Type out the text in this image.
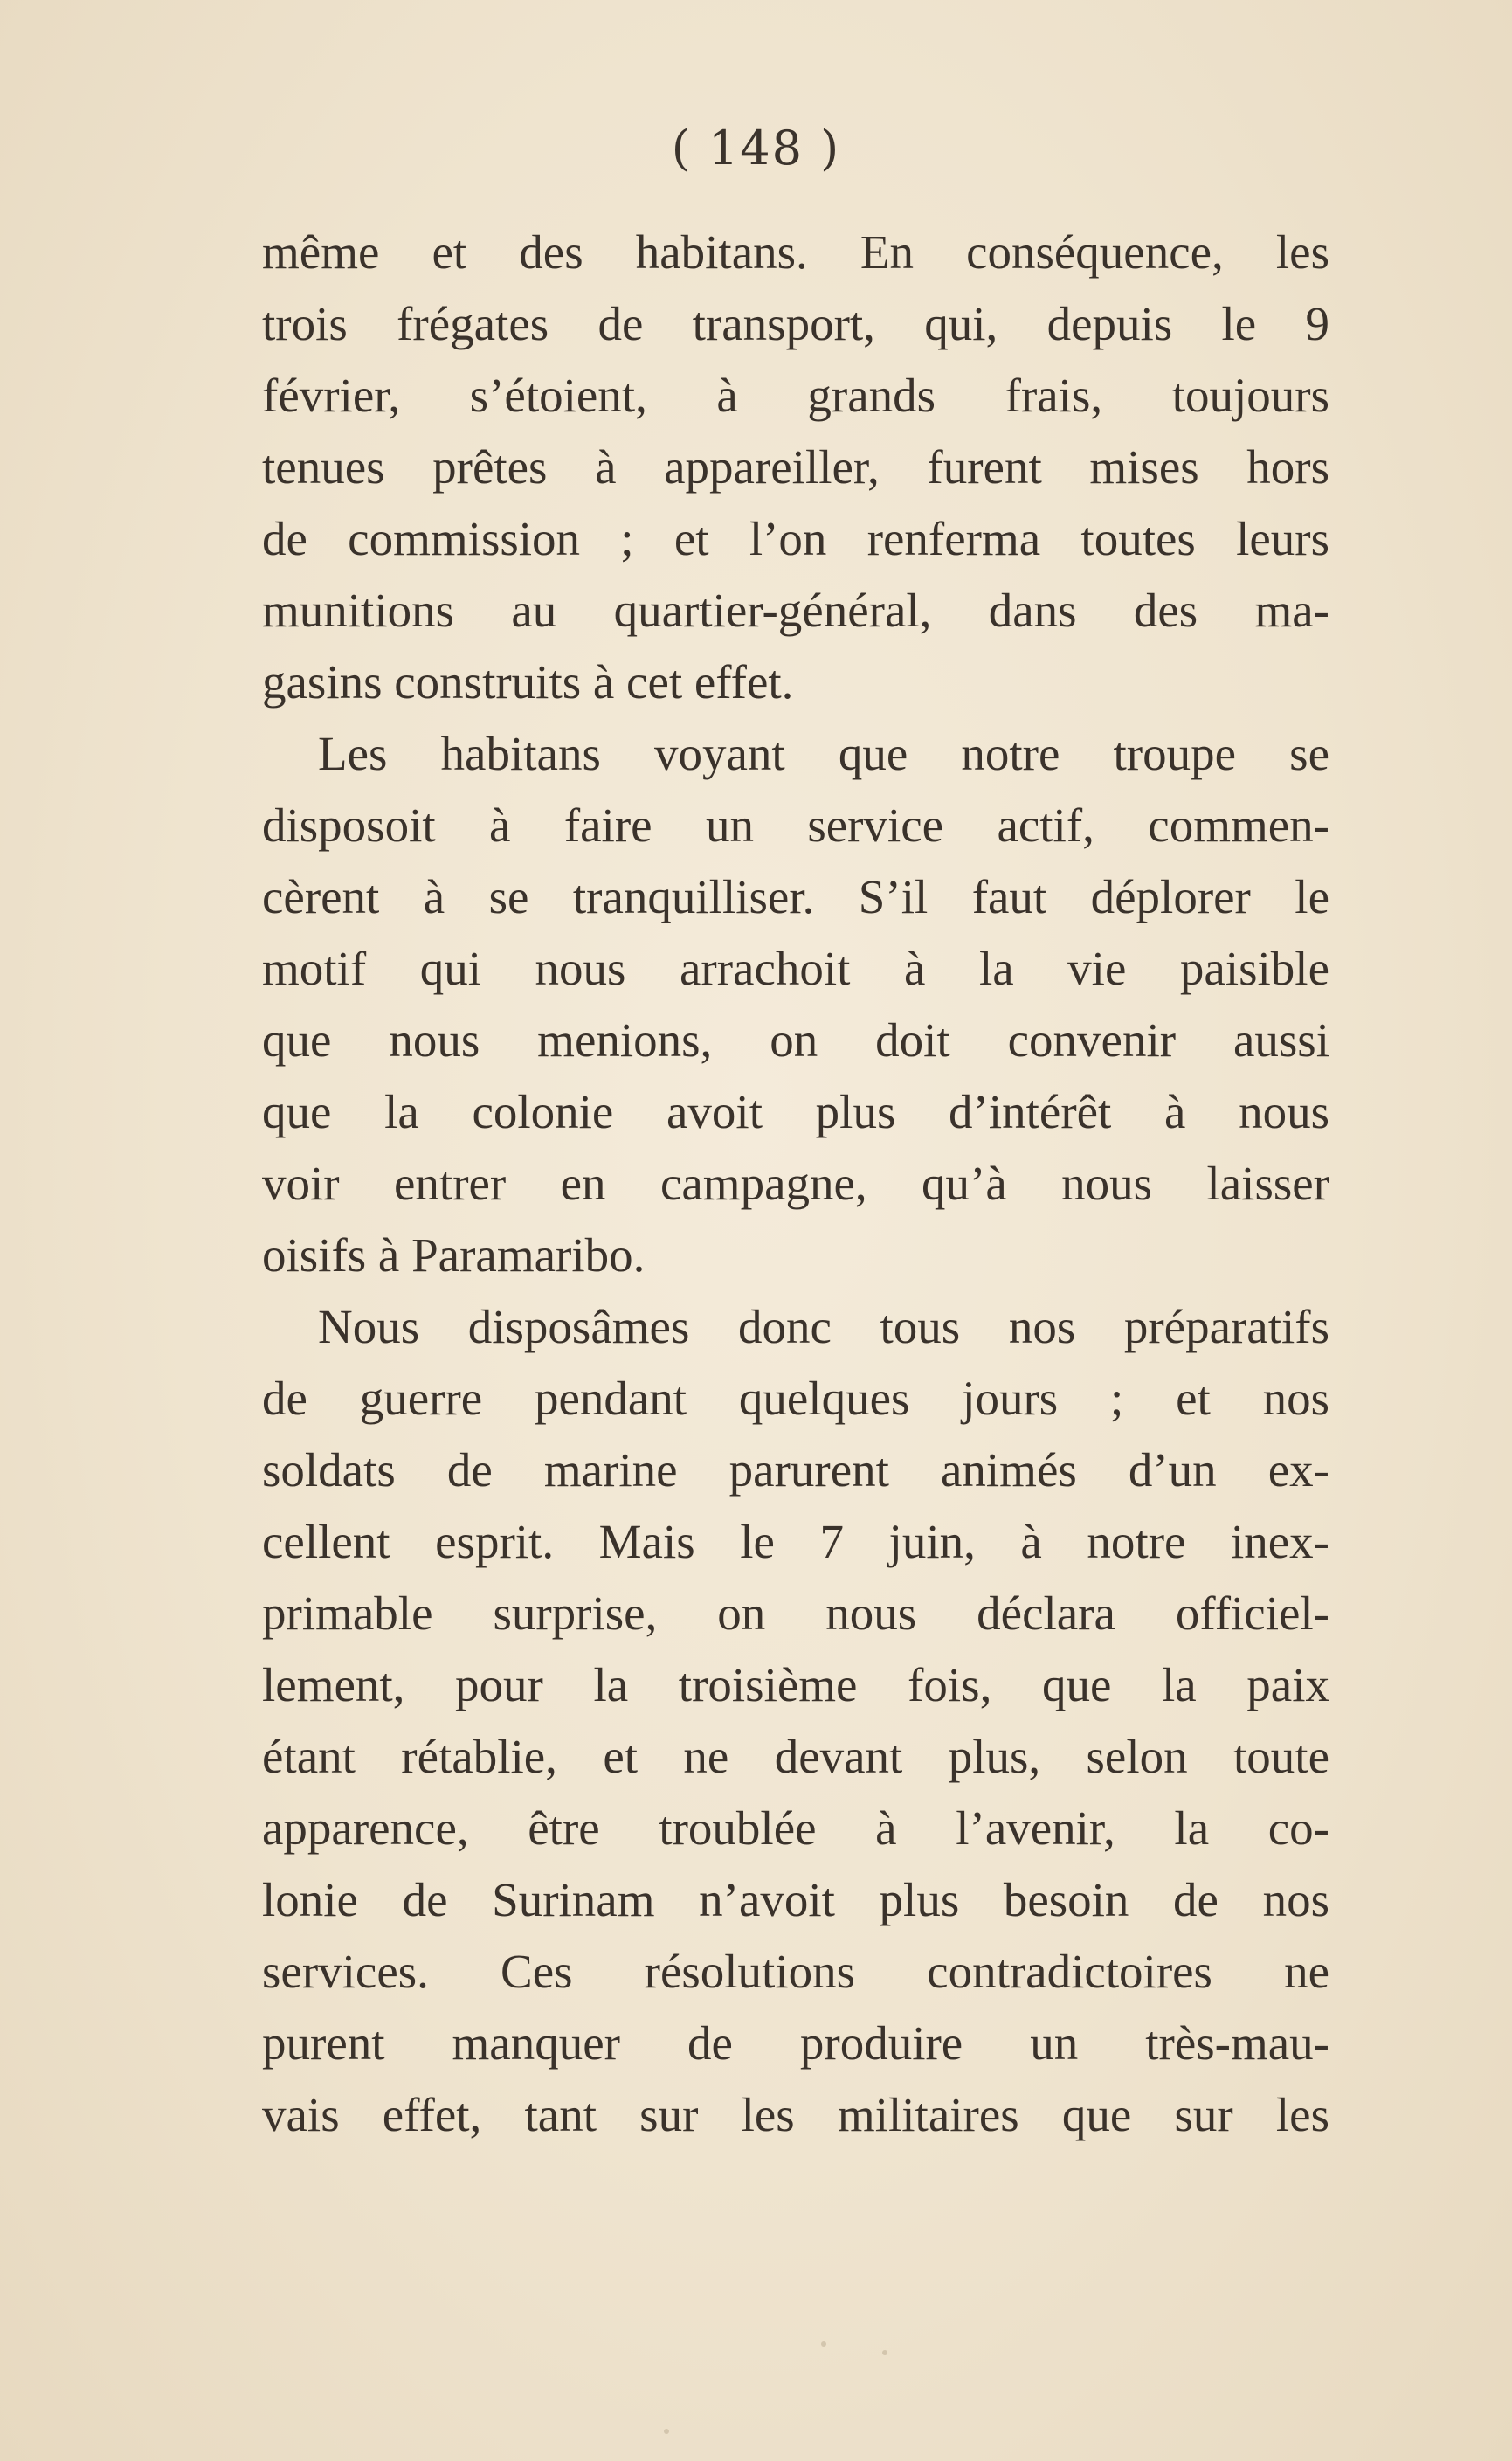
( 148 )
même et des habitans. En conséquence, les
trois frégates de transport, qui, depuis le 9
février, s’étoient, à grands frais, toujours
tenues prêtes à appareiller, furent mises hors
de commission ; et l’on renferma toutes leurs
munitions au quartier-général, dans des ma-
gasins construits à cet effet.
Les habitans voyant que notre troupe se
disposoit à faire un service actif, commen-
cèrent à se tranquilliser. S’il faut déplorer le
motif qui nous arrachoit à la vie paisible
que nous menions, on doit convenir aussi
que la colonie avoit plus d’intérêt à nous
voir entrer en campagne, qu’à nous laisser
oisifs à Paramaribo.
Nous disposâmes donc tous nos préparatifs
de guerre pendant quelques jours ; et nos
soldats de marine parurent animés d’un ex-
cellent esprit. Mais le 7 juin, à notre inex-
primable surprise, on nous déclara officiel-
lement, pour la troisième fois, que la paix
étant rétablie, et ne devant plus, selon toute
apparence, être troublée à l’avenir, la co-
lonie de Surinam n’avoit plus besoin de nos
services. Ces résolutions contradictoires ne
purent manquer de produire un très-mau-
vais effet, tant sur les militaires que sur les
